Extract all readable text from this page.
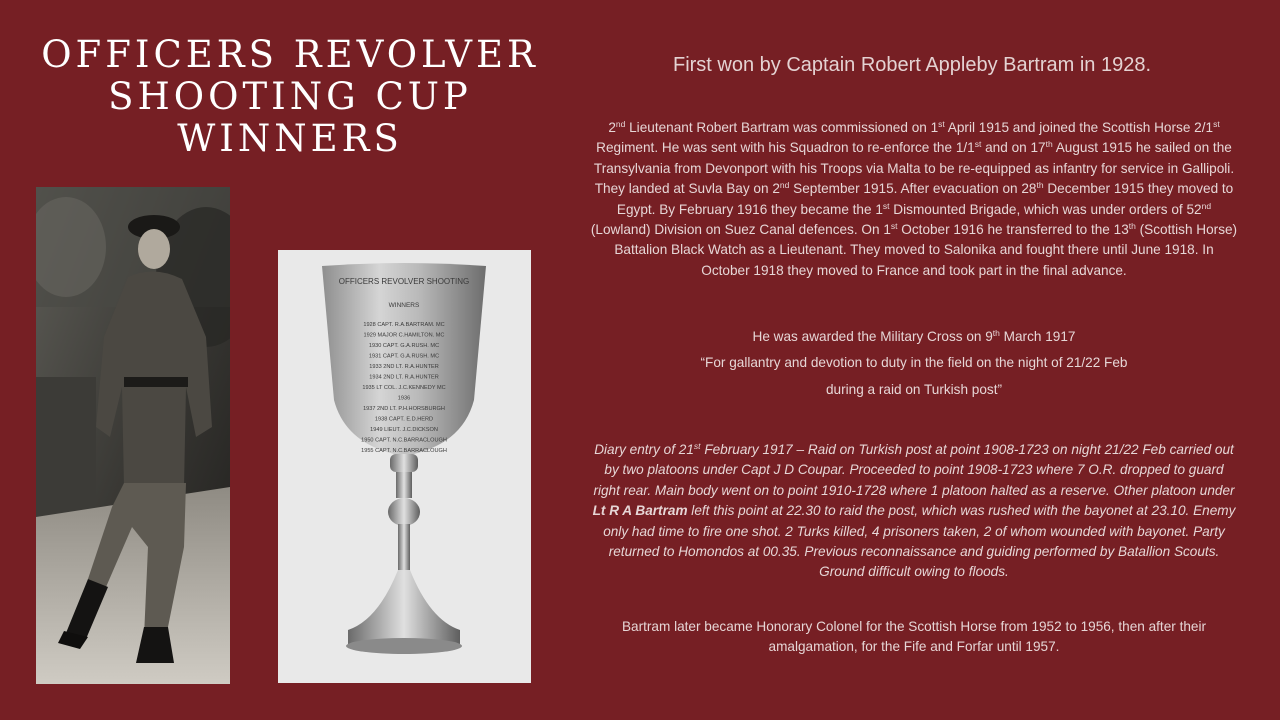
OFFICERS REVOLVER SHOOTING CUP WINNERS
OFFICERS REVOLVER SHOOTING
WINNERS
1928 CAPT. R.A.BARTRAM. MC
1929 MAJOR C.HAMILTON. MC
1930 CAPT. G.A.RUSH. MC
1931 CAPT. G.A.RUSH. MC
1933 2ND LT. R.A.HUNTER
1934 2ND LT. R.A.HUNTER
1935 LT COL. J.C.KENNEDY MC
1936
1937 2ND LT. P.H.HORSBURGH
1938 CAPT. E.D.HERD
1949 LIEUT. J.C.DICKSON
1950 CAPT. N.C.BARRACLOUGH
1955 CAPT. N.C.BARRACLOUGH

First won by Captain Robert Appleby Bartram in 1928.

2nd Lieutenant Robert Bartram was commissioned on 1st April 1915 and joined the Scottish Horse 2/1st Regiment. He was sent with his Squadron to re-enforce the 1/1st and on 17th August 1915 he sailed on the Transylvania from Devonport with his Troops via Malta to be re-equipped as infantry for service in Gallipoli. They landed at Suvla Bay on 2nd September 1915. After evacuation on 28th December 1915 they moved to Egypt. By February 1916 they became the 1st Dismounted Brigade, which was under orders of 52nd (Lowland) Division on Suez Canal defences. On 1st October 1916 he transferred to the 13th (Scottish Horse) Battalion Black Watch as a Lieutenant. They moved to Salonika and fought there until June 1918. In October 1918 they moved to France and took part in the final advance.

He was awarded the Military Cross on 9th March 1917
“For gallantry and devotion to duty in the field on the night of 21/22 Feb
during a raid on Turkish post”

Diary entry of 21st February 1917 – Raid on Turkish post at point 1908-1723 on night 21/22 Feb carried out by two platoons under Capt J D Coupar. Proceeded to point 1908-1723 where 7 O.R. dropped to guard right rear. Main body went on to point 1910-1728 where 1 platoon halted as a reserve. Other platoon under Lt R A Bartram left this point at 22.30 to raid the post, which was rushed with the bayonet at 23.10. Enemy only had time to fire one shot. 2 Turks killed, 4 prisoners taken, 2 of whom wounded with bayonet. Party returned to Homondos at 00.35. Previous reconnaissance and guiding performed by Batallion Scouts. Ground difficult owing to floods.

Bartram later became Honorary Colonel for the Scottish Horse from 1952 to 1956, then after their amalgamation, for the Fife and Forfar until 1957.
